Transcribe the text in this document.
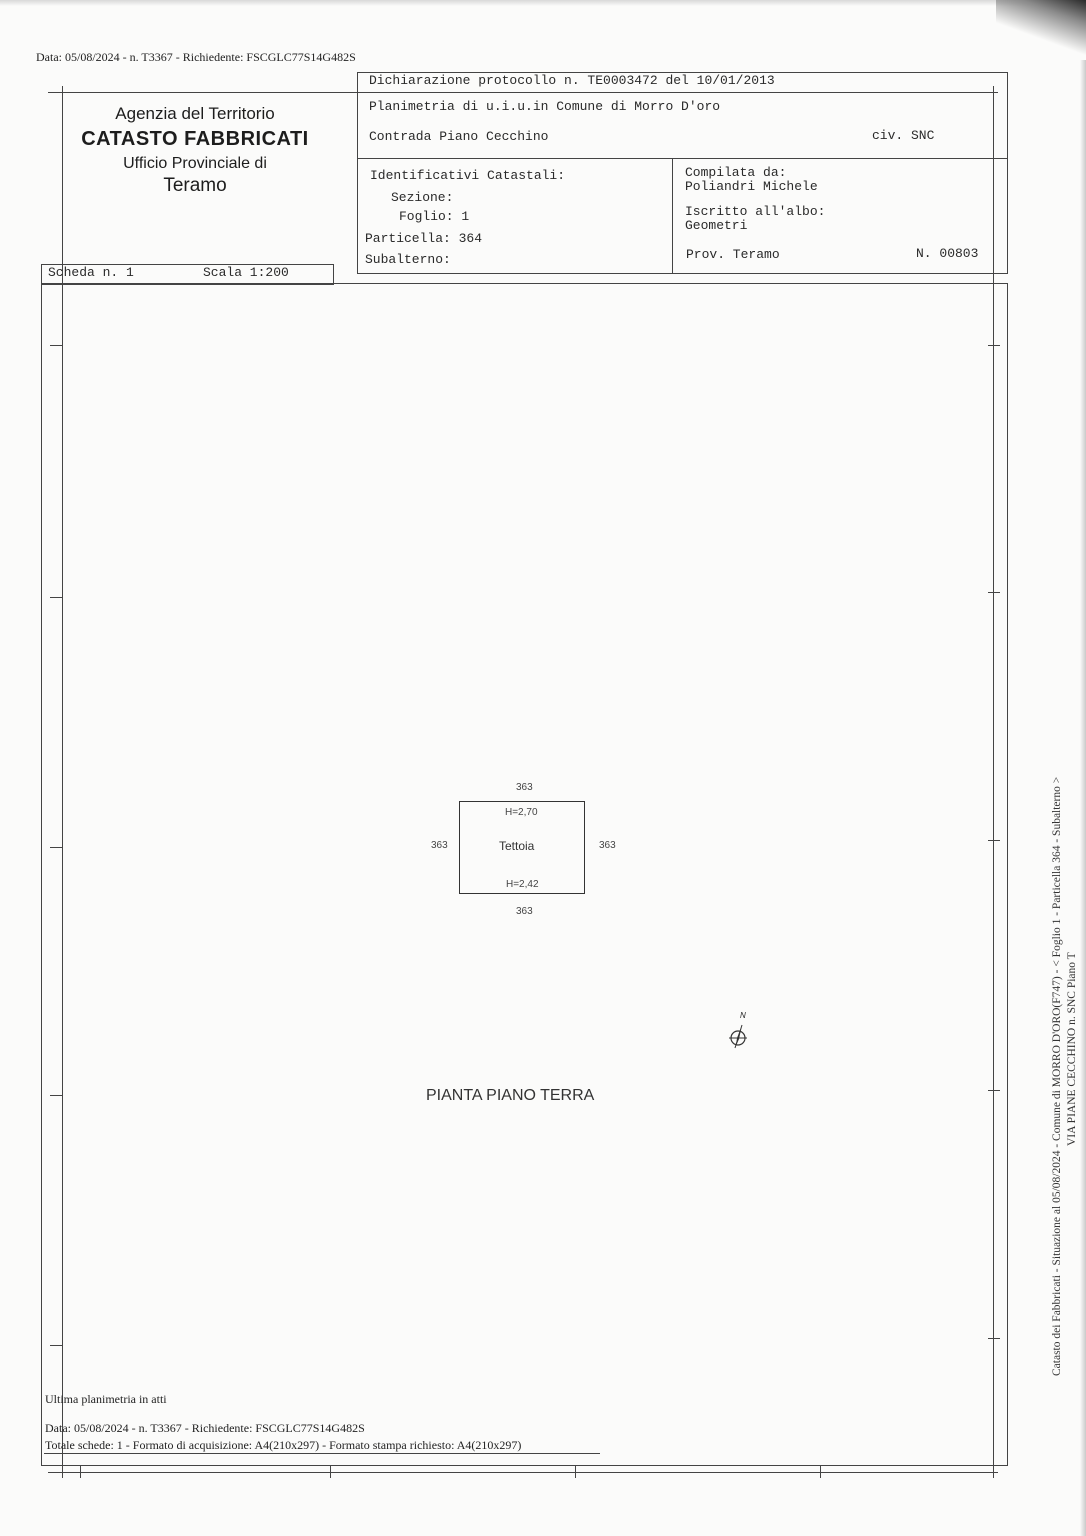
Data: 05/08/2024 - n. T3367 - Richiedente: FSCGLC77S14G482S
Agenzia del Territorio
CATASTO FABBRICATI
Ufficio Provinciale di
Teramo
Dichiarazione protocollo n. TE0003472 del 10/01/2013
Planimetria di u.i.u.in Comune di Morro D'oro
Contrada Piano Cecchino	civ. SNC
Identificativi Catastali:
Sezione:
Foglio: 1
Particella: 364
Subalterno:
Compilata da:
Poliandri Michele
Iscritto all'albo:
Geometri
Prov. Teramo	N. 00803
Scheda n. 1	Scala 1:200
363
363	363
363
H=2,70
Tettoia
H=2,42
N
PIANTA PIANO TERRA
Ultima planimetria in atti
Data: 05/08/2024 - n. T3367 - Richiedente: FSCGLC77S14G482S
Totale schede: 1 - Formato di acquisizione: A4(210x297) - Formato stampa richiesto: A4(210x297)
Catasto dei Fabbricati - Situazione al 05/08/2024 - Comune di MORRO D'ORO(F747) - < Foglio 1 - Particella 364 - Subalterno > VIA PIANE CECCHINO n. SNC Piano T
